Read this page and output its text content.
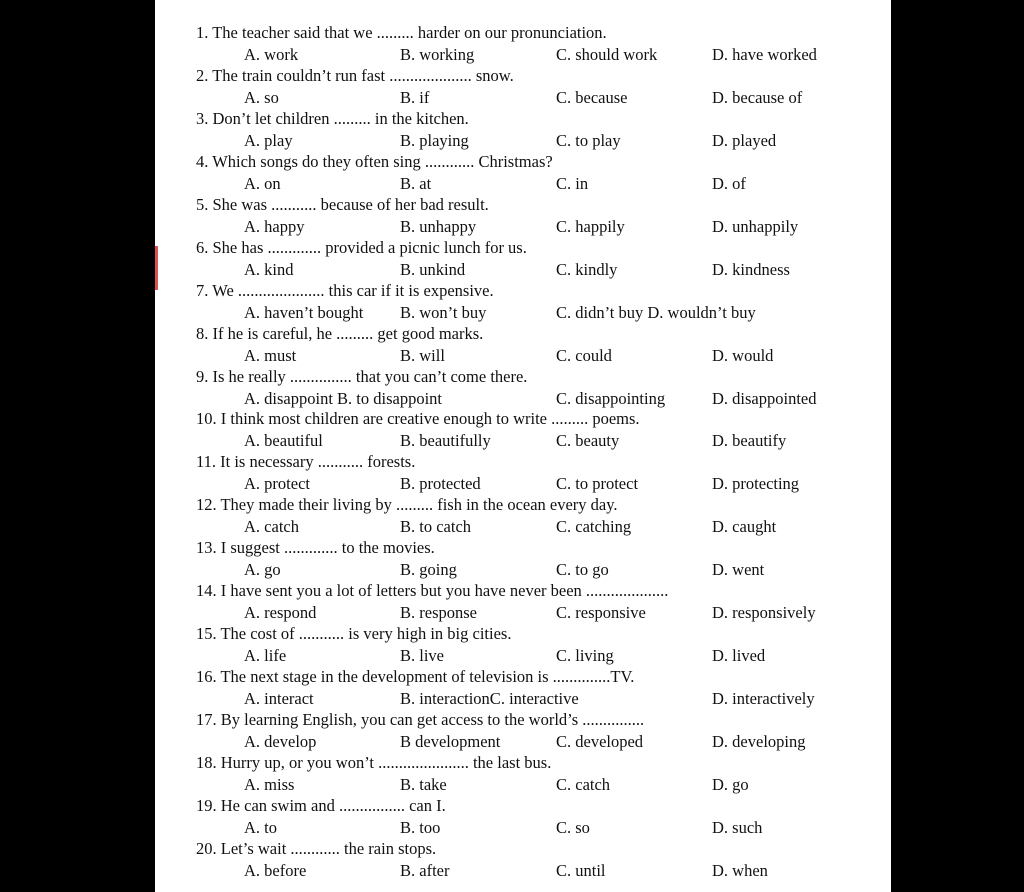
1. The teacher said that we ......... harder on our pronunciation.
A. work	B. working	C. should work	D. have worked
2. The train couldn’t run fast .................... snow.
A. so	B. if	C. because	D. because of
3. Don’t let children ......... in the kitchen.
A. play	B. playing	C. to play	D. played
4. Which songs do they often sing ............ Christmas?
A. on	B. at	C. in	D. of
5. She was ........... because of her bad result.
A. happy	B. unhappy	C. happily	D. unhappily
6. She has ............. provided a picnic lunch for us.
A. kind	B. unkind	C. kindly	D. kindness
7. We ..................... this car if it is expensive.
A. haven’t bought B. won’t buy	C. didn’t buy D. wouldn’t buy
8. If he is careful, he ......... get good marks.
A. must	B. will	C. could	D. would
9. Is he really ............... that you can’t come there.
A. disappoint B. to disappoint	C. disappointing	D. disappointed
10. I think most children are creative enough to write ......... poems.
A. beautiful	B. beautifully	C. beauty	D. beautify
11. It is necessary ........... forests.
A. protect	B. protected	C. to protect	D. protecting
12. They made their living by ......... fish in the ocean every day.
A. catch	B. to catch	C. catching	D. caught
13. I suggest ............. to the movies.
A. go	B. going	C. to go	D. went
14. I have sent you a lot of letters but you have never been ....................
A. respond	B. response	C. responsive	D. responsively
15. The cost of ........... is very high in big cities.
A. life	B. live	C. living	D. lived
16. The next stage in the development of television is ..............TV.
A. interact	B. interactionC. interactive	D. interactively
17. By learning English, you can get access to the world’s ...............
A. develop	B development	C. developed	D. developing
18. Hurry up, or you won’t ...................... the last bus.
A. miss	B. take	C. catch	D. go
19. He can swim and ................ can I.
A. to	B. too	C. so	D. such
20. Let’s wait ............ the rain stops.
A. before	B. after	C. until	D. when
